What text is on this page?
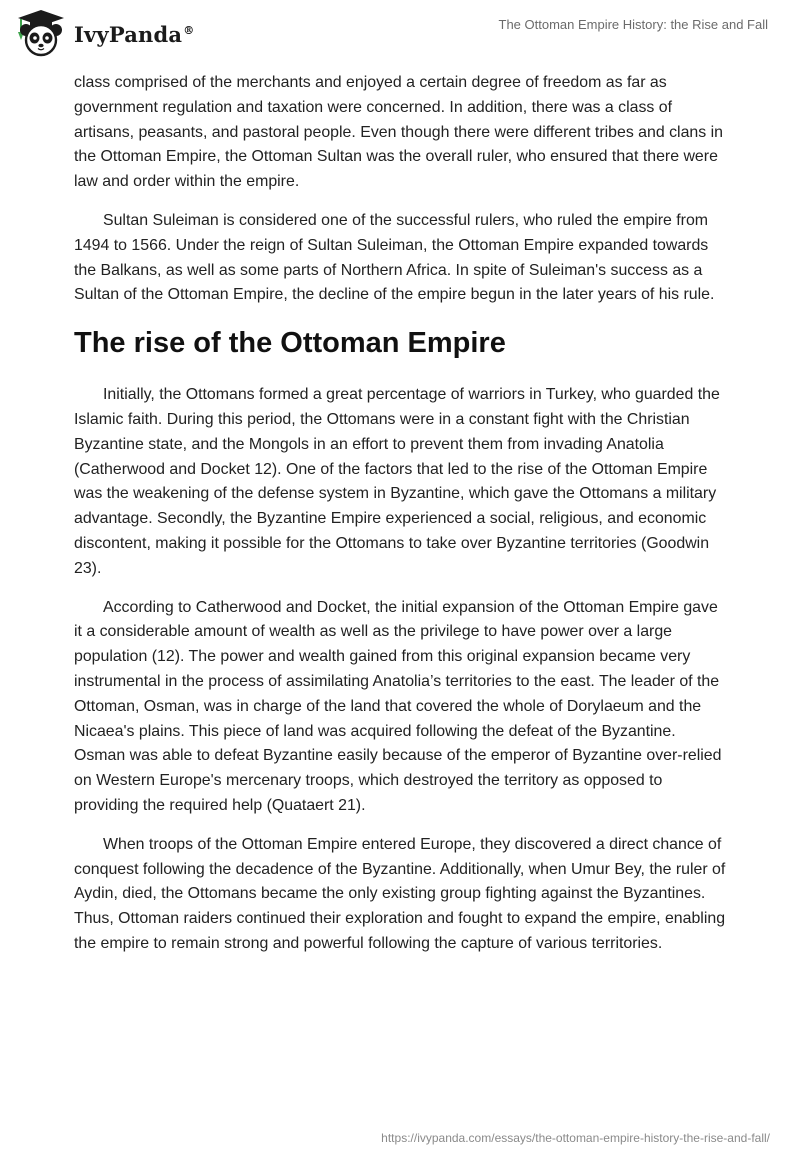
IvyPanda®	The Ottoman Empire History: the Rise and Fall

class comprised of the merchants and enjoyed a certain degree of freedom as far as government regulation and taxation were concerned. In addition, there was a class of artisans, peasants, and pastoral people. Even though there were different tribes and clans in the Ottoman Empire, the Ottoman Sultan was the overall ruler, who ensured that there were law and order within the empire.

Sultan Suleiman is considered one of the successful rulers, who ruled the empire from 1494 to 1566. Under the reign of Sultan Suleiman, the Ottoman Empire expanded towards the Balkans, as well as some parts of Northern Africa. In spite of Suleiman's success as a Sultan of the Ottoman Empire, the decline of the empire begun in the later years of his rule.

The rise of the Ottoman Empire

Initially, the Ottomans formed a great percentage of warriors in Turkey, who guarded the Islamic faith. During this period, the Ottomans were in a constant fight with the Christian Byzantine state, and the Mongols in an effort to prevent them from invading Anatolia (Catherwood and Docket 12). One of the factors that led to the rise of the Ottoman Empire was the weakening of the defense system in Byzantine, which gave the Ottomans a military advantage. Secondly, the Byzantine Empire experienced a social, religious, and economic discontent, making it possible for the Ottomans to take over Byzantine territories (Goodwin 23).

According to Catherwood and Docket, the initial expansion of the Ottoman Empire gave it a considerable amount of wealth as well as the privilege to have power over a large population (12). The power and wealth gained from this original expansion became very instrumental in the process of assimilating Anatolia’s territories to the east. The leader of the Ottoman, Osman, was in charge of the land that covered the whole of Dorylaeum and the Nicaea's plains. This piece of land was acquired following the defeat of the Byzantine. Osman was able to defeat Byzantine easily because of the emperor of Byzantine over-relied on Western Europe's mercenary troops, which destroyed the territory as opposed to providing the required help (Quataert 21).

When troops of the Ottoman Empire entered Europe, they discovered a direct chance of conquest following the decadence of the Byzantine. Additionally, when Umur Bey, the ruler of Aydin, died, the Ottomans became the only existing group fighting against the Byzantines. Thus, Ottoman raiders continued their exploration and fought to expand the empire, enabling the empire to remain strong and powerful following the capture of various territories.

https://ivypanda.com/essays/the-ottoman-empire-history-the-rise-and-fall/
